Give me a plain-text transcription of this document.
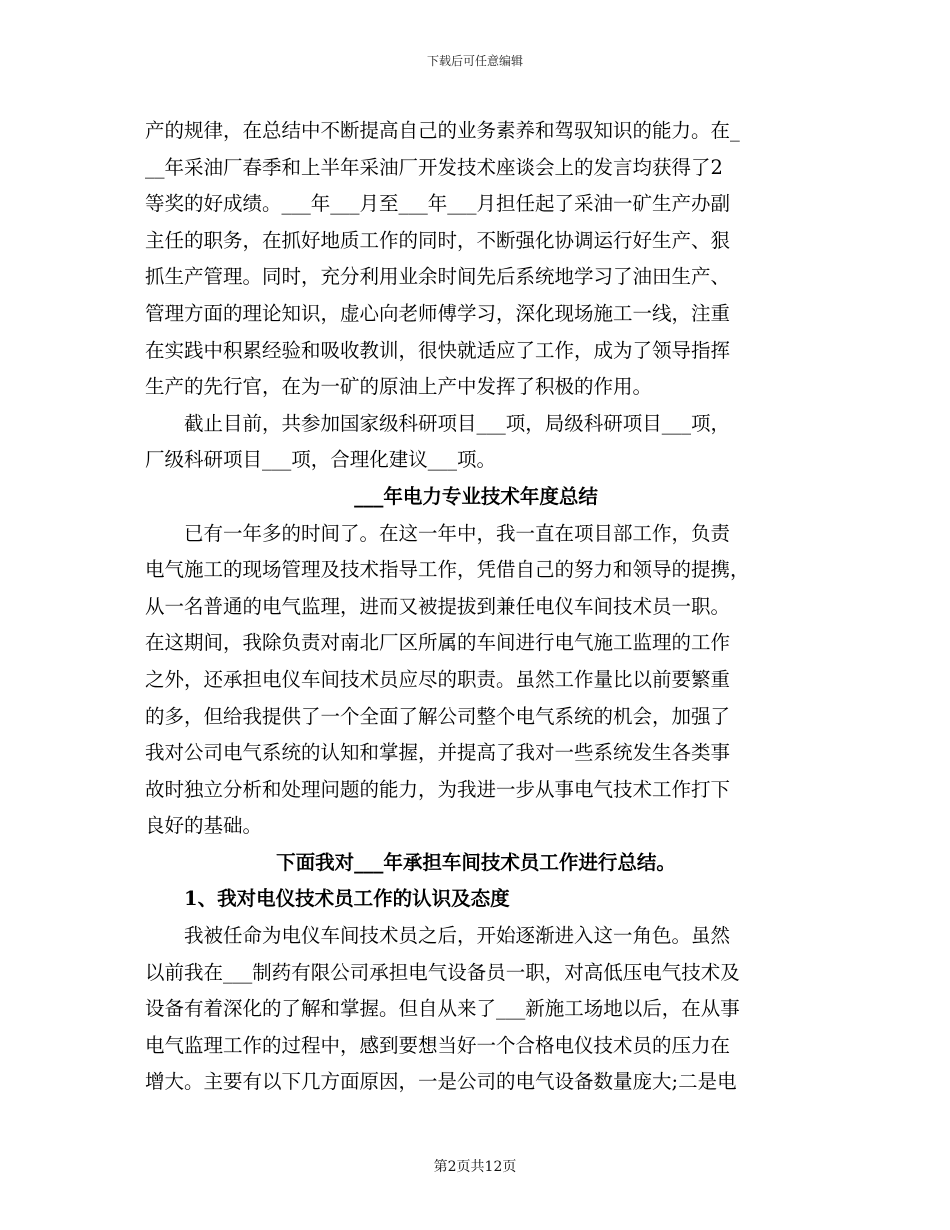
下载后可任意编辑
产的规律，在总结中不断提高自己的业务素养和驾驭知识的能力。在_
__年采油厂春季和上半年采油厂开发技术座谈会上的发言均获得了2
等奖的好成绩。___年___月至___年___月担任起了采油一矿生产办副
主任的职务，在抓好地质工作的同时，不断强化协调运行好生产、狠
抓生产管理。同时，充分利用业余时间先后系统地学习了油田生产、
管理方面的理论知识，虚心向老师傅学习，深化现场施工一线，注重
在实践中积累经验和吸收教训，很快就适应了工作，成为了领导指挥
生产的先行官，在为一矿的原油上产中发挥了积极的作用。
截止目前，共参加国家级科研项目___项，局级科研项目___项，
厂级科研项目___项，合理化建议___项。
___年电力专业技术年度总结
已有一年多的时间了。在这一年中，我一直在项目部工作，负责
电气施工的现场管理及技术指导工作，凭借自己的努力和领导的提携，
从一名普通的电气监理，进而又被提拔到兼任电仪车间技术员一职。
在这期间，我除负责对南北厂区所属的车间进行电气施工监理的工作
之外，还承担电仪车间技术员应尽的职责。虽然工作量比以前要繁重
的多，但给我提供了一个全面了解公司整个电气系统的机会，加强了
我对公司电气系统的认知和掌握，并提高了我对一些系统发生各类事
故时独立分析和处理问题的能力，为我进一步从事电气技术工作打下
良好的基础。
下面我对___年承担车间技术员工作进行总结。
1、我对电仪技术员工作的认识及态度
我被任命为电仪车间技术员之后，开始逐渐进入这一角色。虽然
以前我在___制药有限公司承担电气设备员一职，对高低压电气技术及
设备有着深化的了解和掌握。但自从来了___新施工场地以后，在从事
电气监理工作的过程中，感到要想当好一个合格电仪技术员的压力在
增大。主要有以下几方面原因，一是公司的电气设备数量庞大;二是电
第2页共12页
